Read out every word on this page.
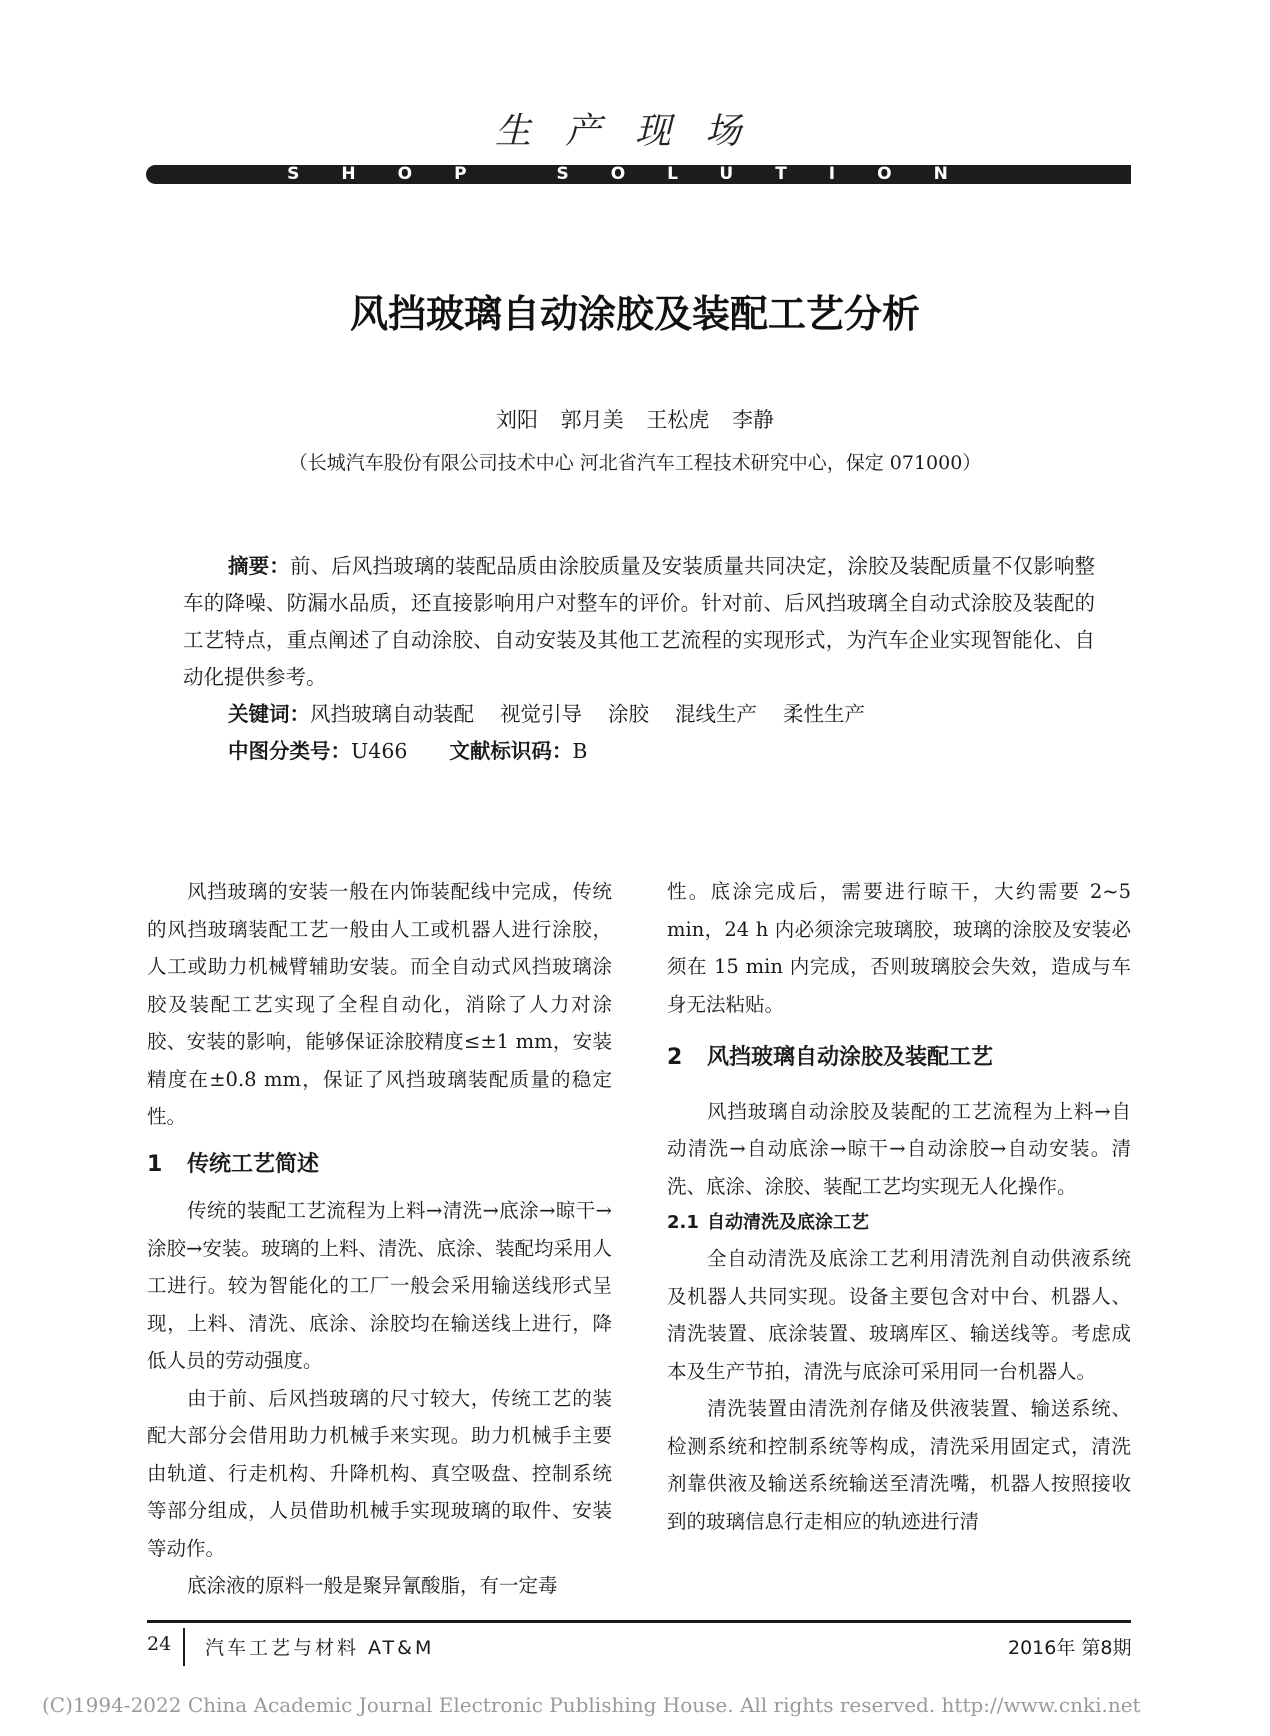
生产现场
SHOP SOLUTION
风挡玻璃自动涂胶及装配工艺分析
刘阳 郭月美 王松虎 李静
（长城汽车股份有限公司技术中心 河北省汽车工程技术研究中心，保定 071000）
摘要：前、后风挡玻璃的装配品质由涂胶质量及安装质量共同决定，涂胶及装配质量不仅影响整车的降噪、防漏水品质，还直接影响用户对整车的评价。针对前、后风挡玻璃全自动式涂胶及装配的工艺特点，重点阐述了自动涂胶、自动安装及其他工艺流程的实现形式，为汽车企业实现智能化、自动化提供参考。
关键词：风挡玻璃自动装配 视觉引导 涂胶 混线生产 柔性生产
中图分类号：U466 文献标识码：B

风挡玻璃的安装一般在内饰装配线中完成，传统的风挡玻璃装配工艺一般由人工或机器人进行涂胶，人工或助力机械臂辅助安装。而全自动式风挡玻璃涂胶及装配工艺实现了全程自动化，消除了人力对涂胶、安装的影响，能够保证涂胶精度≤±1 mm，安装精度在±0.8 mm，保证了风挡玻璃装配质量的稳定性。

1 传统工艺简述

传统的装配工艺流程为上料→清洗→底涂→晾干→涂胶→安装。玻璃的上料、清洗、底涂、装配均采用人工进行。较为智能化的工厂一般会采用输送线形式呈现，上料、清洗、底涂、涂胶均在输送线上进行，降低人员的劳动强度。

由于前、后风挡玻璃的尺寸较大，传统工艺的装配大部分会借用助力机械手来实现。助力机械手主要由轨道、行走机构、升降机构、真空吸盘、控制系统等部分组成，人员借助机械手实现玻璃的取件、安装等动作。

底涂液的原料一般是聚异氰酸脂，有一定毒

性。底涂完成后，需要进行晾干，大约需要 2~5 min，24 h 内必须涂完玻璃胶，玻璃的涂胶及安装必须在 15 min 内完成，否则玻璃胶会失效，造成与车身无法粘贴。

2 风挡玻璃自动涂胶及装配工艺

风挡玻璃自动涂胶及装配的工艺流程为上料→自动清洗→自动底涂→晾干→自动涂胶→自动安装。清洗、底涂、涂胶、装配工艺均实现无人化操作。

2.1 自动清洗及底涂工艺

全自动清洗及底涂工艺利用清洗剂自动供液系统及机器人共同实现。设备主要包含对中台、机器人、清洗装置、底涂装置、玻璃库区、输送线等。考虑成本及生产节拍，清洗与底涂可采用同一台机器人。

清洗装置由清洗剂存储及供液装置、输送系统、检测系统和控制系统等构成，清洗采用固定式，清洗剂靠供液及输送系统输送至清洗嘴，机器人按照接收到的玻璃信息行走相应的轨迹进行清

24 汽车工艺与材料 AT&M	2016年 第8期
(C)1994-2022 China Academic Journal Electronic Publishing House. All rights reserved. http://www.cnki.net
